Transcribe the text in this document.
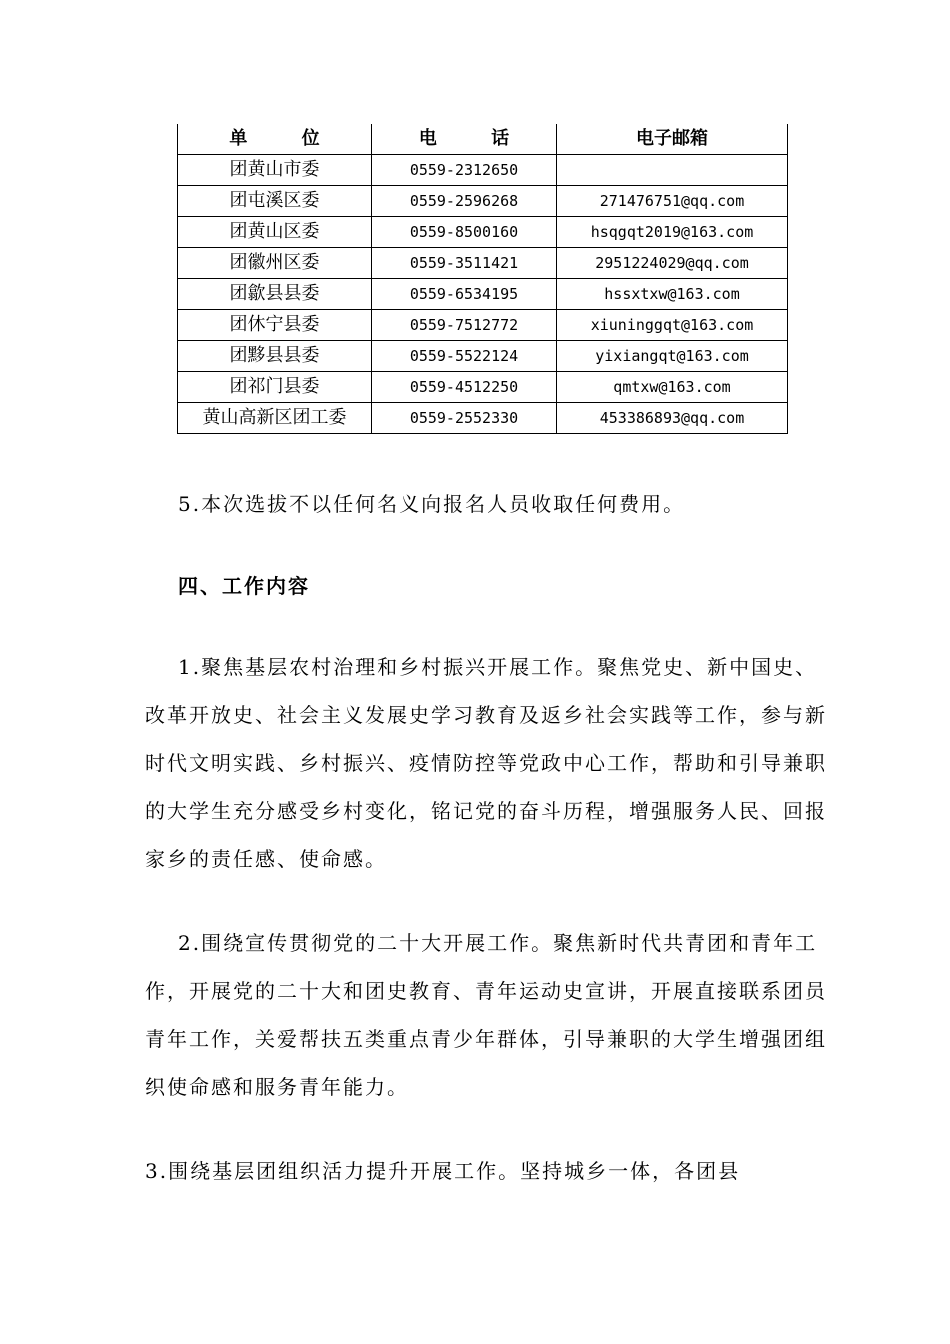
单 位	电 话	电子邮箱
团黄山市委	0559-2312650	
团屯溪区委	0559-2596268	271476751@qq.com
团黄山区委	0559-8500160	hsqgqt2019@163.com
团徽州区委	0559-3511421	2951224029@qq.com
团歙县县委	0559-6534195	hssxtxw@163.com
团休宁县委	0559-7512772	xiuninggqt@163.com
团黟县县委	0559-5522124	yixiangqt@163.com
团祁门县委	0559-4512250	qmtxw@163.com
黄山高新区团工委	0559-2552330	453386893@qq.com

5.本次选拔不以任何名义向报名人员收取任何费用。

四、工作内容

1.聚焦基层农村治理和乡村振兴开展工作。聚焦党史、新中国史、改革开放史、社会主义发展史学习教育及返乡社会实践等工作，参与新时代文明实践、乡村振兴、疫情防控等党政中心工作，帮助和引导兼职的大学生充分感受乡村变化，铭记党的奋斗历程，增强服务人民、回报家乡的责任感、使命感。

2.围绕宣传贯彻党的二十大开展工作。聚焦新时代共青团和青年工作，开展党的二十大和团史教育、青年运动史宣讲，开展直接联系团员青年工作，关爱帮扶五类重点青少年群体，引导兼职的大学生增强团组织使命感和服务青年能力。

3.围绕基层团组织活力提升开展工作。坚持城乡一体，各团县
